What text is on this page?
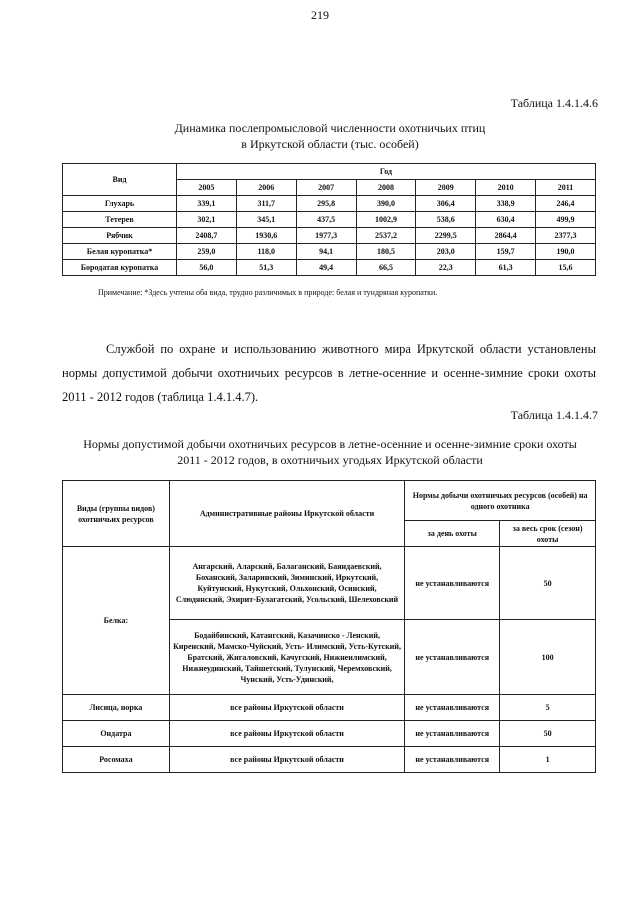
219
Таблица 1.4.1.4.6
Динамика послепромысловой численности охотничьих птиц
в Иркутской области (тыс. особей)
Вид	Год						
	2005	2006	2007	2008	2009	2010	2011
Глухарь	339,1	311,7	295,8	390,0	306,4	338,9	246,4
Тетерев	302,1	345,1	437,5	1002,9	538,6	630,4	499,9
Рябчик	2408,7	1930,6	1977,3	2537,2	2299,5	2864,4	2377,3
Белая куропатка*	259,0	118,0	94,1	180,5	203,0	159,7	190,0
Бородатая куропатка	56,0	51,3	49,4	66,5	22,3	61,3	15,6
Примечание: *Здесь учтены оба вида, трудно различимых в природе: белая и тундряная куропатки.

Службой по охране и использованию животного мира Иркутской области установлены нормы допустимой добычи охотничьих ресурсов в летне-осенние и осенне-зимние сроки охоты 2011 - 2012 годов (таблица 1.4.1.4.7).

Таблица 1.4.1.4.7
Нормы допустимой добычи охотничьих ресурсов в летне-осенние и осенне-зимние сроки охоты
2011 - 2012 годов, в охотничьих угодьях Иркутской области
Виды (группы видов) охотничьих ресурсов	Административные районы Иркутской области	Нормы добычи охотничьих ресурсов (особей) на одного охотника	
		за день охоты	за весь срок (сезон) охоты
Белка:	Ангарский, Аларский, Балаганский, Баяндаевский, Боханский, Заларинский, Зиминский, Иркутский, Куйтунский, Нукутский, Ольхонский, Осинский, Слюдянский, Эхирит-Булагатский, Усольский, Шелеховский	не устанавливаются	50
	Бодайбинский, Катангский, Казачинско - Ленский, Киренский, Мамско-Чуйский, Усть- Илимский, Усть-Кутский, Братский, Жигаловский, Качугский, Нижнеилимский, Нижнеудинский, Тайшетский, Тулунский, Черемховский, Чунский, Усть-Удинский,	не устанавливаются	100
Лисица, норка	все районы Иркутской области	не устанавливаются	5
Ондатра	все районы Иркутской области	не устанавливаются	50
Росомаха	все районы Иркутской области	не устанавливаются	1
